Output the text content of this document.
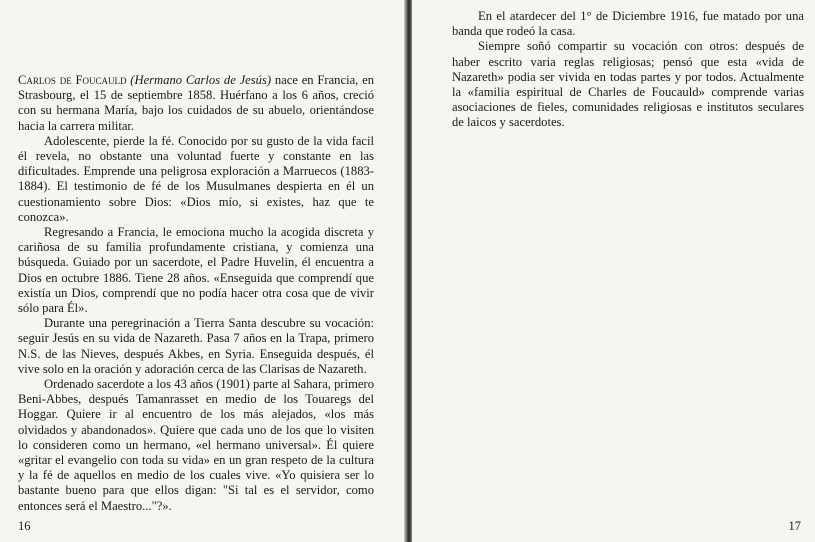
Carlos de Foucauld (Hermano Carlos de Jesús) nace en Francia, en Strasbourg, el 15 de septiembre 1858. Huérfano a los 6 años, creció con su hermana María, bajo los cuidados de su abuelo, orientándose hacia la carrera militar.

Adolescente, pierde la fé. Conocido por su gusto de la vida facil él revela, no obstante una voluntad fuerte y constante en las dificultades. Emprende una peligrosa exploración a Marruecos (1883-1884). El testimonio de fé de los Musulmanes despierta en él un cuestionamiento sobre Dios: «Dios mío, si existes, haz que te conozca».

Regresando a Francia, le emociona mucho la acogida discreta y cariñosa de su familia profundamente cristiana, y comienza una búsqueda. Guiado por un sacerdote, el Padre Huvelin, él encuentra a Dios en octubre 1886. Tiene 28 años. «Enseguida que comprendí que existía un Dios, comprendí que no podía hacer otra cosa que de vivir sólo para Él».

Durante una peregrinación a Tierra Santa descubre su vocación: seguir Jesús en su vida de Nazareth. Pasa 7 años en la Trapa, primero N.S. de las Nieves, después Akbes, en Syria. Enseguida después, él vive solo en la oración y adoración cerca de las Clarisas de Nazareth.

Ordenado sacerdote a los 43 años (1901) parte al Sahara, primero Beni-Abbes, después Tamanrasset en medio de los Touaregs del Hoggar. Quiere ir al encuentro de los más alejados, «los más olvidados y abandonados». Quiere que cada uno de los que lo visiten lo consideren como un hermano, «el hermano universal». Él quiere «gritar el evangelio con toda su vida» en un gran respeto de la cultura y la fé de aquellos en medio de los cuales vive. «Yo quisiera ser lo bastante bueno para que ellos digan: "Si tal es el servidor, como entonces será el Maestro..."?».

16

En el atardecer del 1° de Diciembre 1916, fue matado por una banda que rodeó la casa.

Siempre soñó compartir su vocación con otros: después de haber escrito varia reglas religiosas; pensó que esta «vida de Nazareth» podia ser vivida en todas partes y por todos. Actualmente la «familia espiritual de Charles de Foucauld» comprende varias asociaciones de fieles, comunidades religiosas e institutos seculares de laicos y sacerdotes.

17
